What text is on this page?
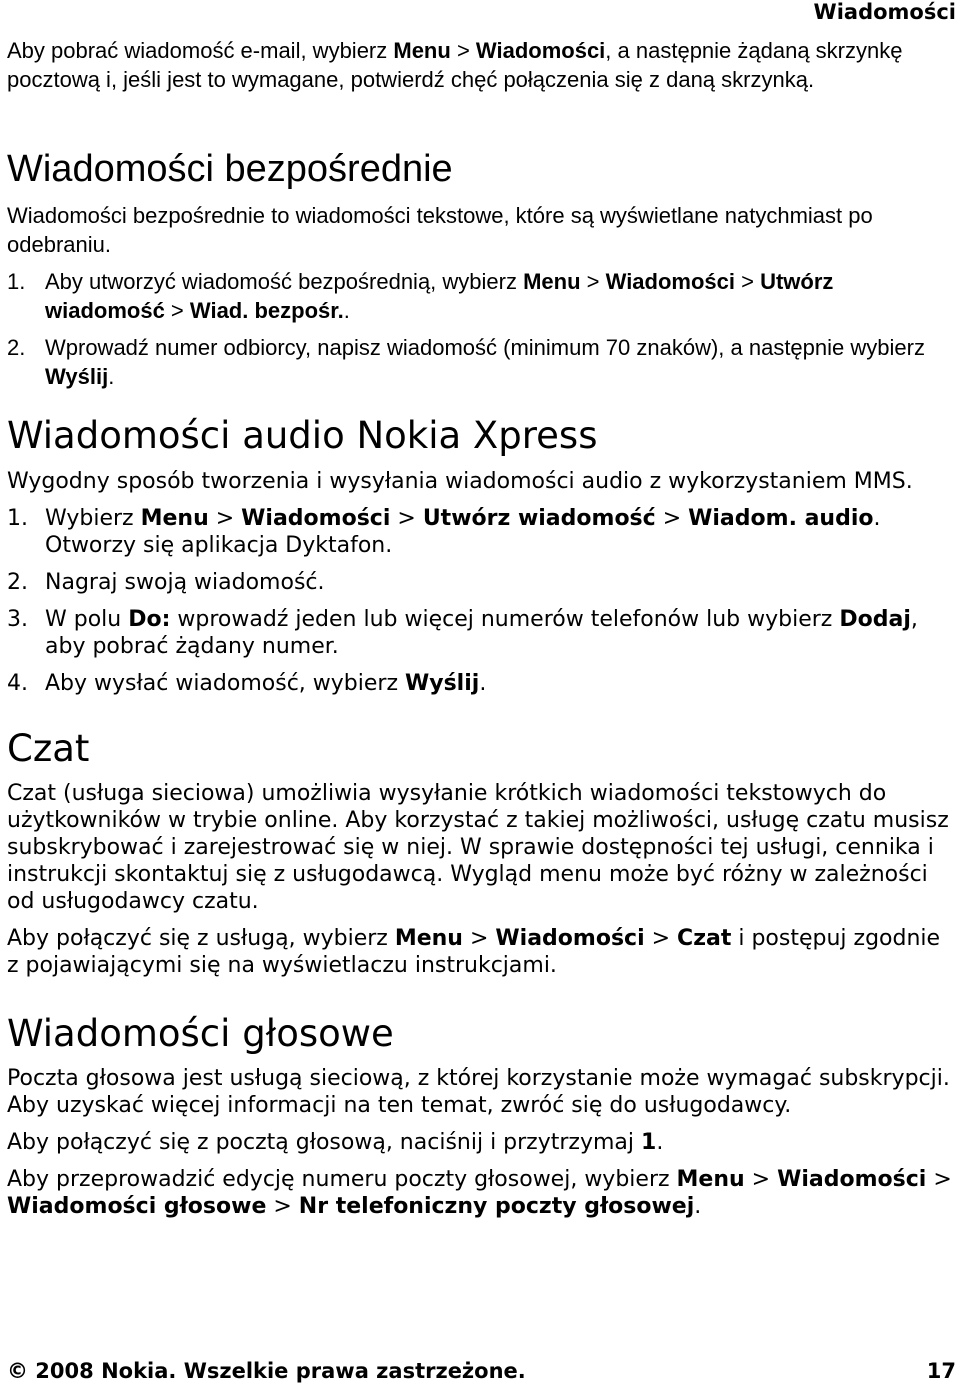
Wiadomości

Aby pobrać wiadomość e-mail, wybierz Menu > Wiadomości, a następnie żądaną skrzynkę pocztową i, jeśli jest to wymagane, potwierdź chęć połączenia się z daną skrzynką.

Wiadomości bezpośrednie

Wiadomości bezpośrednie to wiadomości tekstowe, które są wyświetlane natychmiast po odebraniu.

1. Aby utworzyć wiadomość bezpośrednią, wybierz Menu > Wiadomości > Utwórz wiadomość > Wiad. bezpośr..
2. Wprowadź numer odbiorcy, napisz wiadomość (minimum 70 znaków), a następnie wybierz Wyślij.
Wiadomości audio Nokia Xpress

Wygodny sposób tworzenia i wysyłania wiadomości audio z wykorzystaniem MMS.

1. Wybierz Menu > Wiadomości > Utwórz wiadomość > Wiadom. audio. Otworzy się aplikacja Dyktafon.
2. Nagraj swoją wiadomość.
3. W polu Do: wprowadź jeden lub więcej numerów telefonów lub wybierz Dodaj, aby pobrać żądany numer.
4. Aby wysłać wiadomość, wybierz Wyślij.
Czat

Czat (usługa sieciowa) umożliwia wysyłanie krótkich wiadomości tekstowych do użytkowników w trybie online. Aby korzystać z takiej możliwości, usługę czatu musisz subskrybować i zarejestrować się w niej. W sprawie dostępności tej usługi, cennika i instrukcji skontaktuj się z usługodawcą. Wygląd menu może być różny w zależności od usługodawcy czatu.

Aby połączyć się z usługą, wybierz Menu > Wiadomości > Czat i postępuj zgodnie z pojawiającymi się na wyświetlaczu instrukcjami.

Wiadomości głosowe

Poczta głosowa jest usługą sieciową, z której korzystanie może wymagać subskrypcji. Aby uzyskać więcej informacji na ten temat, zwróć się do usługodawcy.

Aby połączyć się z pocztą głosową, naciśnij i przytrzymaj 1.

Aby przeprowadzić edycję numeru poczty głosowej, wybierz Menu > Wiadomości > Wiadomości głosowe > Nr telefoniczny poczty głosowej.

© 2008 Nokia. Wszelkie prawa zastrzeżone.	17
